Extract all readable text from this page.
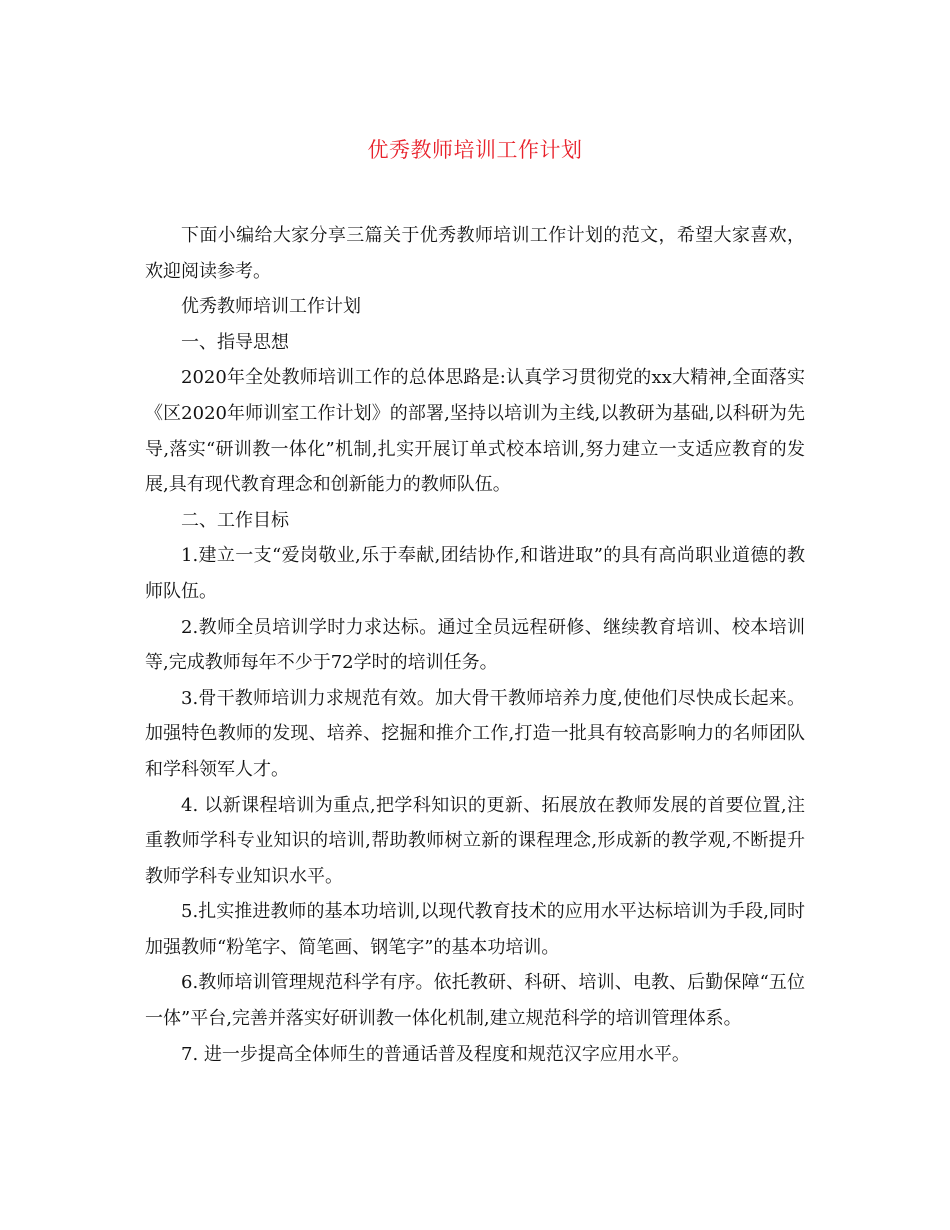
优秀教师培训工作计划

下面小编给大家分享三篇关于优秀教师培训工作计划的范文，希望大家喜欢，欢迎阅读参考。

优秀教师培训工作计划

一、指导思想

2020年全处教师培训工作的总体思路是:认真学习贯彻党的xx大精神,全面落实《区2020年师训室工作计划》的部署,坚持以培训为主线,以教研为基础,以科研为先导,落实“研训教一体化”机制,扎实开展订单式校本培训,努力建立一支适应教育的发展,具有现代教育理念和创新能力的教师队伍。

二、工作目标

1.建立一支“爱岗敬业,乐于奉献,团结协作,和谐进取”的具有高尚职业道德的教师队伍。

2.教师全员培训学时力求达标。通过全员远程研修、继续教育培训、校本培训等,完成教师每年不少于72学时的培训任务。

3.骨干教师培训力求规范有效。加大骨干教师培养力度,使他们尽快成长起来。加强特色教师的发现、培养、挖掘和推介工作,打造一批具有较高影响力的名师团队和学科领军人才。

4. 以新课程培训为重点,把学科知识的更新、拓展放在教师发展的首要位置,注重教师学科专业知识的培训,帮助教师树立新的课程理念,形成新的教学观,不断提升教师学科专业知识水平。

5.扎实推进教师的基本功培训,以现代教育技术的应用水平达标培训为手段,同时加强教师“粉笔字、简笔画、钢笔字”的基本功培训。

6.教师培训管理规范科学有序。依托教研、科研、培训、电教、后勤保障“五位一体”平台,完善并落实好研训教一体化机制,建立规范科学的培训管理体系。

7. 进一步提高全体师生的普通话普及程度和规范汉字应用水平。
